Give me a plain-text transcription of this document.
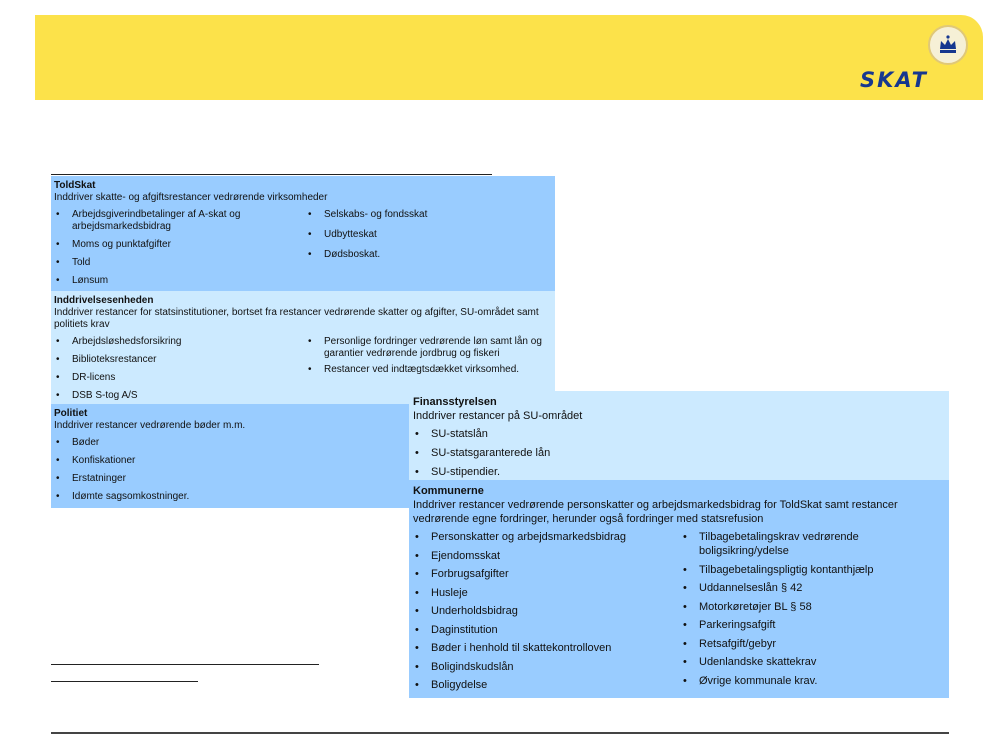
SKAT
ToldSkat
Inddriver skatte- og afgiftsrestancer vedrørende virksomheder
• Arbejdsgiverindbetalinger af A-skat og arbejdsmarkedsbidrag
• Moms og punktafgifter
• Told
• Lønsum
• Selskabs- og fondsskat
• Udbytteskat
• Dødsboskat.
Inddrivelsesenheden
Inddriver restancer for statsinstitutioner, bortset fra restancer vedrørende skatter og afgifter, SU-området samt politiets krav
• Arbejdsløshedsforsikring
• Biblioteksrestancer
• DR-licens
• DSB S-tog A/S
• Personlige fordringer vedrørende løn samt lån og garantier vedrørende jordbrug og fiskeri
• Restancer ved indtægtsdækket virksomhed.
Politiet
Inddriver restancer vedrørende bøder m.m.
• Bøder
• Konfiskationer
• Erstatninger
• Idømte sagsomkostninger.
Finansstyrelsen
Inddriver restancer på SU-området
• SU-statslån
• SU-statsgaranterede lån
• SU-stipendier.
Kommunerne
Inddriver restancer vedrørende personskatter og arbejdsmarkedsbidrag for ToldSkat samt restancer vedrørende egne fordringer, herunder også fordringer med statsrefusion
• Personskatter og arbejdsmarkedsbidrag
• Ejendomsskat
• Forbrugsafgifter
• Husleje
• Underholdsbidrag
• Daginstitution
• Bøder i henhold til skattekontrolloven
• Boligindskudslån
• Boligydelse
• Tilbagebetalingskrav vedrørende boligsikring/ydelse
• Tilbagebetalingspligtig kontanthjælp
• Uddannelseslån § 42
• Motorkøretøjer BL § 58
• Parkeringsafgift
• Retsafgift/gebyr
• Udenlandske skattekrav
• Øvrige kommunale krav.
